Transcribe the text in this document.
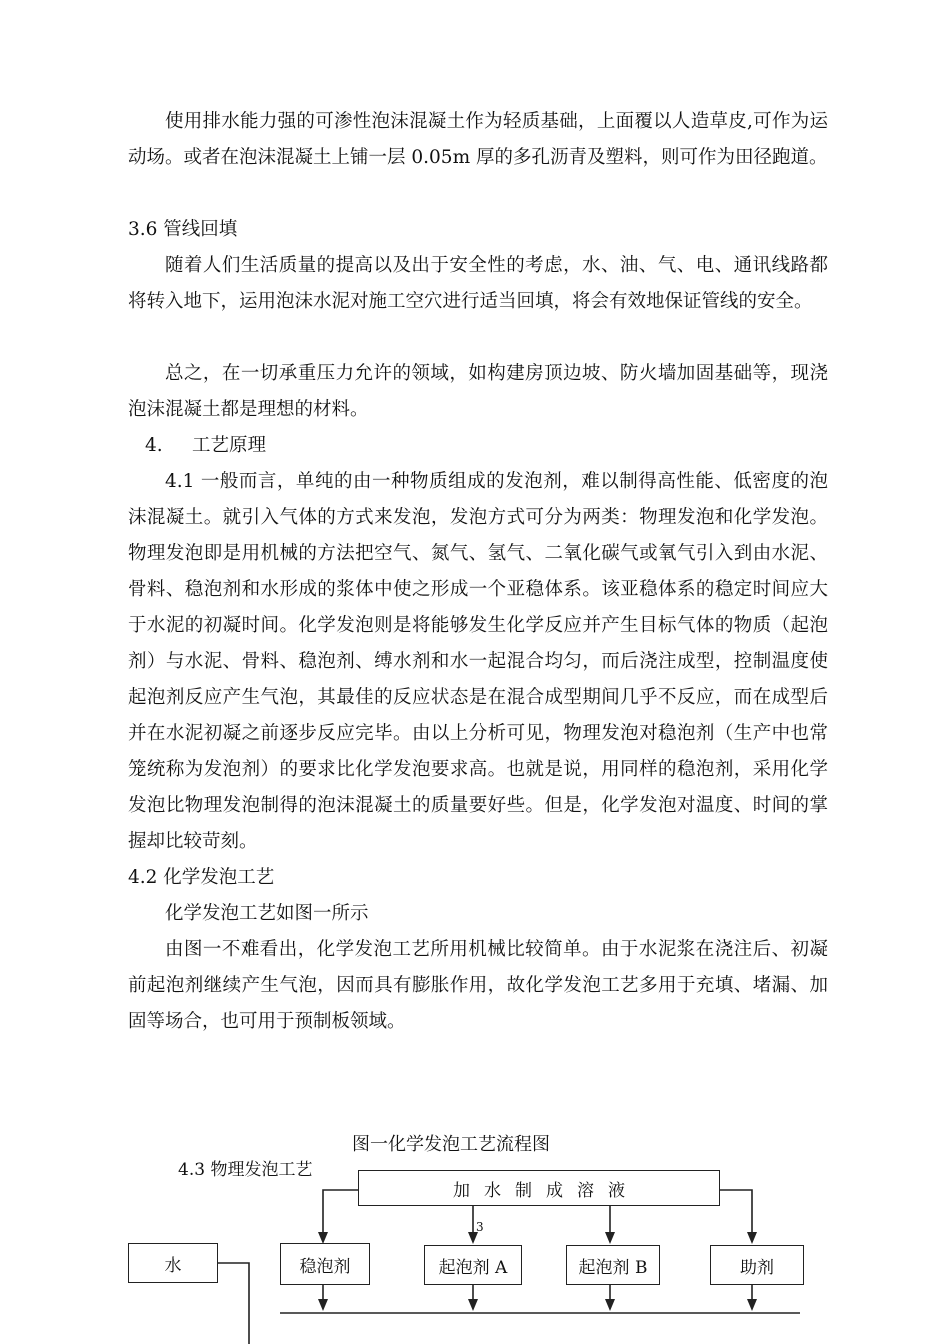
使用排水能力强的可渗性泡沫混凝土作为轻质基础，上面覆以人造草皮,可作为运动场。或者在泡沫混凝土上铺一层 0.05m 厚的多孔沥青及塑料，则可作为田径跑道。

3.6 管线回填

随着人们生活质量的提高以及出于安全性的考虑，水、油、气、电、通讯线路都将转入地下，运用泡沫水泥对施工空穴进行适当回填，将会有效地保证管线的安全。

总之，在一切承重压力允许的领域，如构建房顶边坡、防火墙加固基础等，现浇泡沫混凝土都是理想的材料。

4. 工艺原理

4.1 一般而言，单纯的由一种物质组成的发泡剂，难以制得高性能、低密度的泡沫混凝土。就引入气体的方式来发泡，发泡方式可分为两类：物理发泡和化学发泡。物理发泡即是用机械的方法把空气、氮气、氢气、二氧化碳气或氧气引入到由水泥、骨料、稳泡剂和水形成的浆体中使之形成一个亚稳体系。该亚稳体系的稳定时间应大于水泥的初凝时间。化学发泡则是将能够发生化学反应并产生目标气体的物质（起泡剂）与水泥、骨料、稳泡剂、缚水剂和水一起混合均匀，而后浇注成型，控制温度使起泡剂反应产生气泡，其最佳的反应状态是在混合成型期间几乎不反应，而在成型后并在水泥初凝之前逐步反应完毕。由以上分析可见，物理发泡对稳泡剂（生产中也常笼统称为发泡剂）的要求比化学发泡要求高。也就是说，用同样的稳泡剂，采用化学发泡比物理发泡制得的泡沫混凝土的质量要好些。但是，化学发泡对温度、时间的掌握却比较苛刻。

4.2 化学发泡工艺

化学发泡工艺如图一所示

由图一不难看出，化学发泡工艺所用机械比较简单。由于水泥浆在浇注后、初凝前起泡剂继续产生气泡，因而具有膨胀作用，故化学发泡工艺多用于充填、堵漏、加固等场合，也可用于预制板领域。

图一化学发泡工艺流程图
4.3 物理发泡工艺
加水制成溶液
3
水	稳泡剂	起泡剂 A	起泡剂 B	助剂
